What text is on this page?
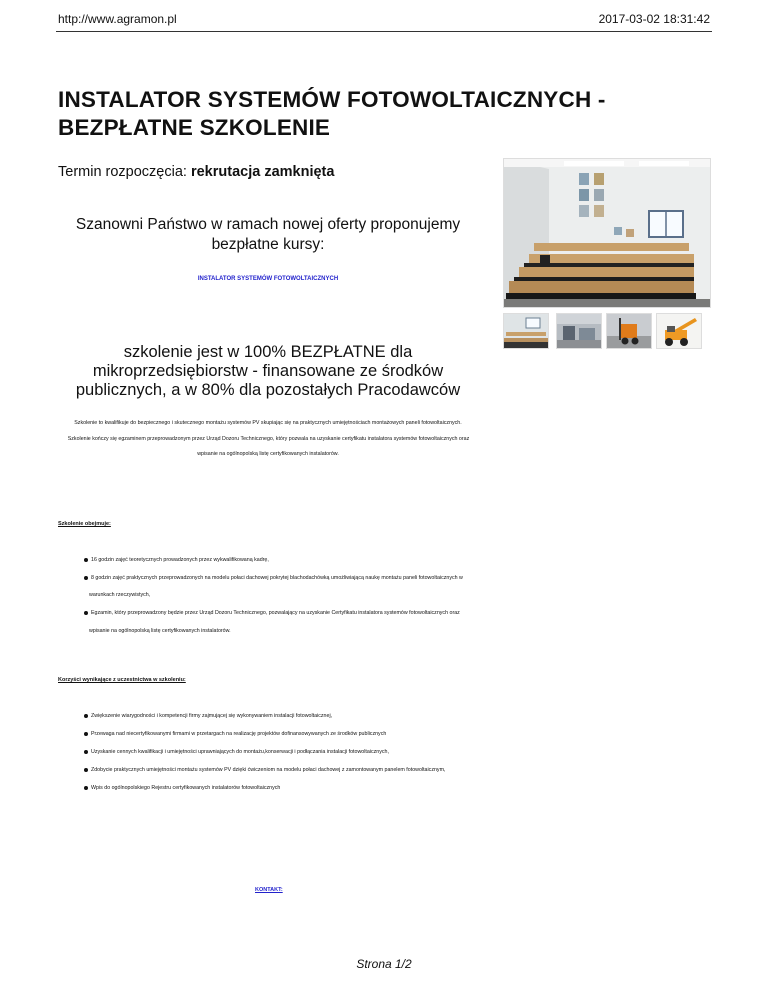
http://www.agramon.pl	2017-03-02 18:31:42
INSTALATOR SYSTEMÓW FOTOWOLTAICZNYCH - BEZPŁATNE SZKOLENIE
Termin rozpoczęcia: rekrutacja zamknięta
Szanowni Państwo w ramach nowej oferty proponujemy bezpłatne kursy:
INSTALATOR SYSTEMÓW FOTOWOLTAICZNYCH
szkolenie jest w 100% BEZPŁATNE dla mikroprzedsiębiorstw - finansowane ze środków publicznych, a w 80% dla pozostałych Pracodawców
Szkolenie to kwalifikuje do bezpiecznego i skutecznego montażu systemów PV skupiając się na praktycznych umiejętnościach montażowych paneli fotowoltaicznych.
Szkolenie kończy się egzaminem przeprowadzonym przez Urząd Dozoru Technicznego, który pozwala na uzyskanie certyfikatu instalatora systemów fotowoltaicznych oraz
wpisanie na ogólnopolską listę certyfikowanych instalatorów.
Szkolenie obejmuje:
16 godzin zajęć teoretycznych prowadzonych przez wykwalifikowaną kadrę,
8 godzin zajęć praktycznych przeprowadzonych na modelu połaci dachowej pokrytej blachodachówką umożliwiającą naukę montażu paneli fotowoltaicznych w
warunkach rzeczywistych,
Egzamin, który przeprowadzony będzie przez Urząd Dozoru Technicznego, pozwalający na uzyskanie Certyfikatu instalatora systemów fotowoltaicznych oraz
wpisanie na ogólnopolską listę certyfikowanych instalatorów.
Korzyści wynikające z uczestnictwa w szkoleniu:
Zwiększenie wiarygodności i kompetencji firmy zajmującej się wykonywaniem instalacji fotowoltaicznej,
Przewaga nad niecertyfikowanymi firmami w przetargach na realizację projektów dofinansowywanych ze środków publicznych
Uzyskanie cennych kwalifikacji i umiejętności uprawniających do montażu,konserwacji i podłączania instalacji fotowoltaicznych,
Zdobycie praktycznych umiejętności montażu systemów PV dzięki ćwiczeniom na modelu połaci dachowej z zamontowanym panelem fotowoltaicznym,
Wpis do ogólnopolskiego Rejestru certyfikowanych instalatorów fotowoltaicznych
KONTAKT:
Strona 1/2
